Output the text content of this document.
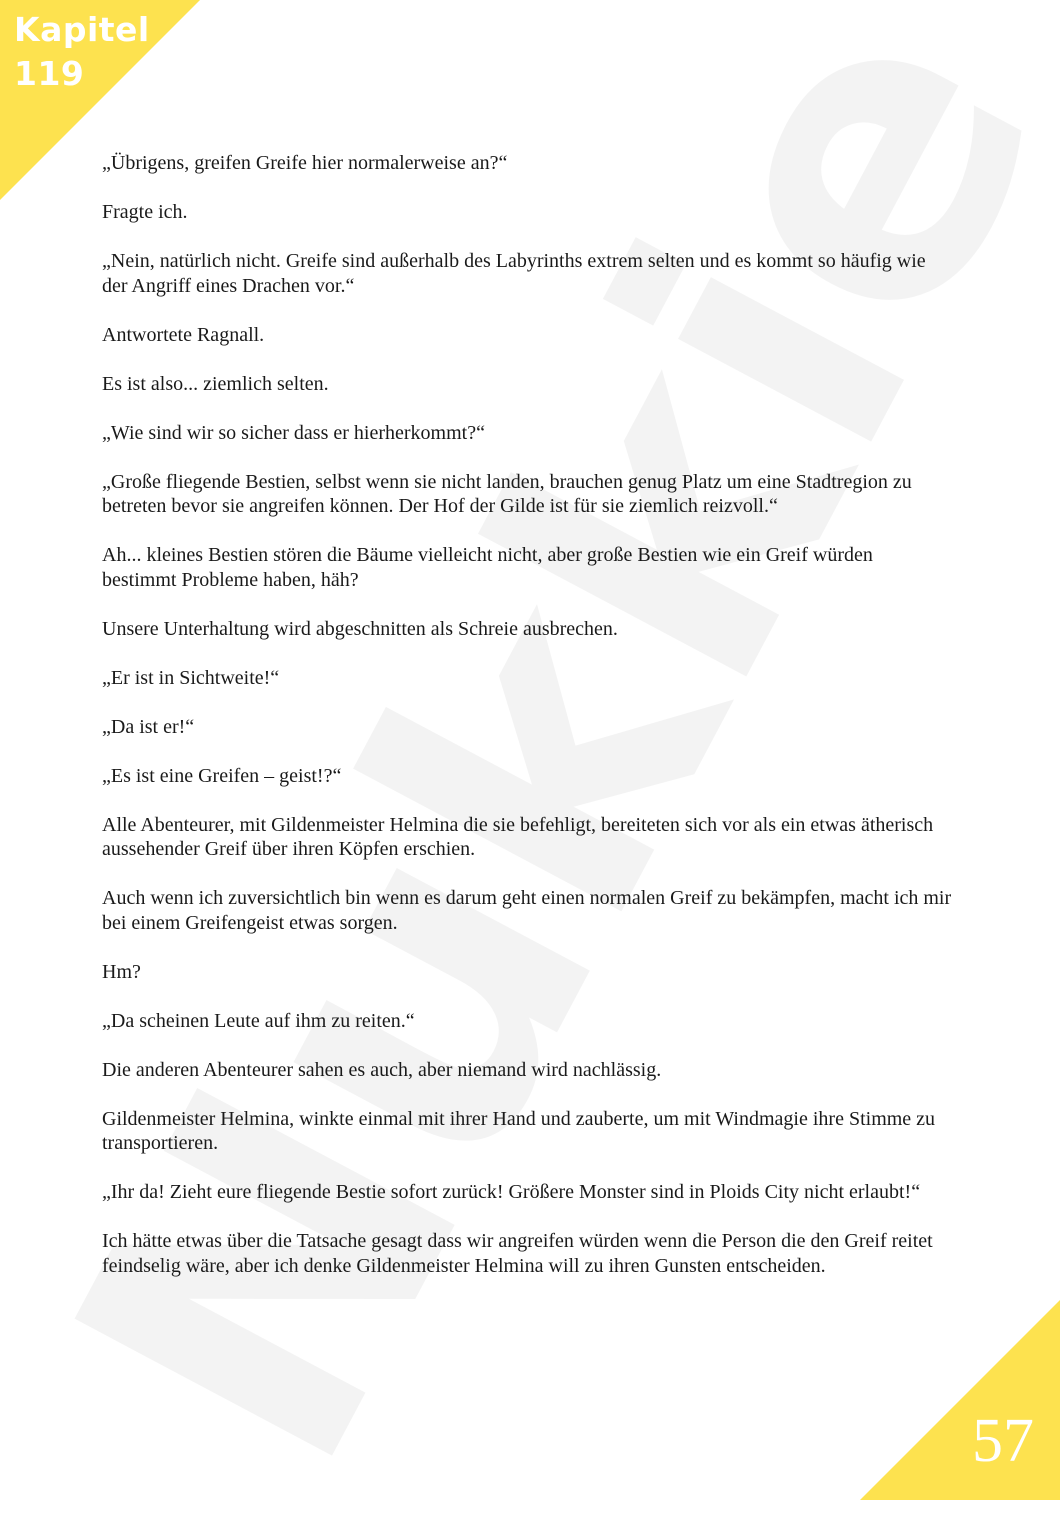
Kapitel
119

„Übrigens, greifen Greife hier normalerweise an?“

Fragte ich.

„Nein, natürlich nicht. Greife sind außerhalb des Labyrinths extrem selten und es kommt so häufig wie der Angriff eines Drachen vor.“

Antwortete Ragnall.

Es ist also... ziemlich selten.

„Wie sind wir so sicher dass er hierherkommt?“

„Große fliegende Bestien, selbst wenn sie nicht landen, brauchen genug Platz um eine Stadtregion zu betreten bevor sie angreifen können. Der Hof der Gilde ist für sie ziemlich reizvoll.“

Ah... kleines Bestien stören die Bäume vielleicht nicht, aber große Bestien wie ein Greif würden bestimmt Probleme haben, häh?

Unsere Unterhaltung wird abgeschnitten als Schreie ausbrechen.

„Er ist in Sichtweite!“

„Da ist er!“

„Es ist eine Greifen – geist!?“

Alle Abenteurer, mit Gildenmeister Helmina die sie befehligt, bereiteten sich vor als ein etwas ätherisch aussehender Greif über ihren Köpfen erschien.

Auch wenn ich zuversichtlich bin wenn es darum geht einen normalen Greif zu bekämpfen, macht ich mir bei einem Greifengeist etwas sorgen.

Hm?

„Da scheinen Leute auf ihm zu reiten.“

Die anderen Abenteurer sahen es auch, aber niemand wird nachlässig.

Gildenmeister Helmina, winkte einmal mit ihrer Hand und zauberte, um mit Windmagie ihre Stimme zu transportieren.

„Ihr da! Zieht eure fliegende Bestie sofort zurück! Größere Monster sind in Ploids City nicht erlaubt!“

Ich hätte etwas über die Tatsache gesagt dass wir angreifen würden wenn die Person die den Greif reitet feindselig wäre, aber ich denke Gildenmeister Helmina will zu ihren Gunsten entscheiden.

57
